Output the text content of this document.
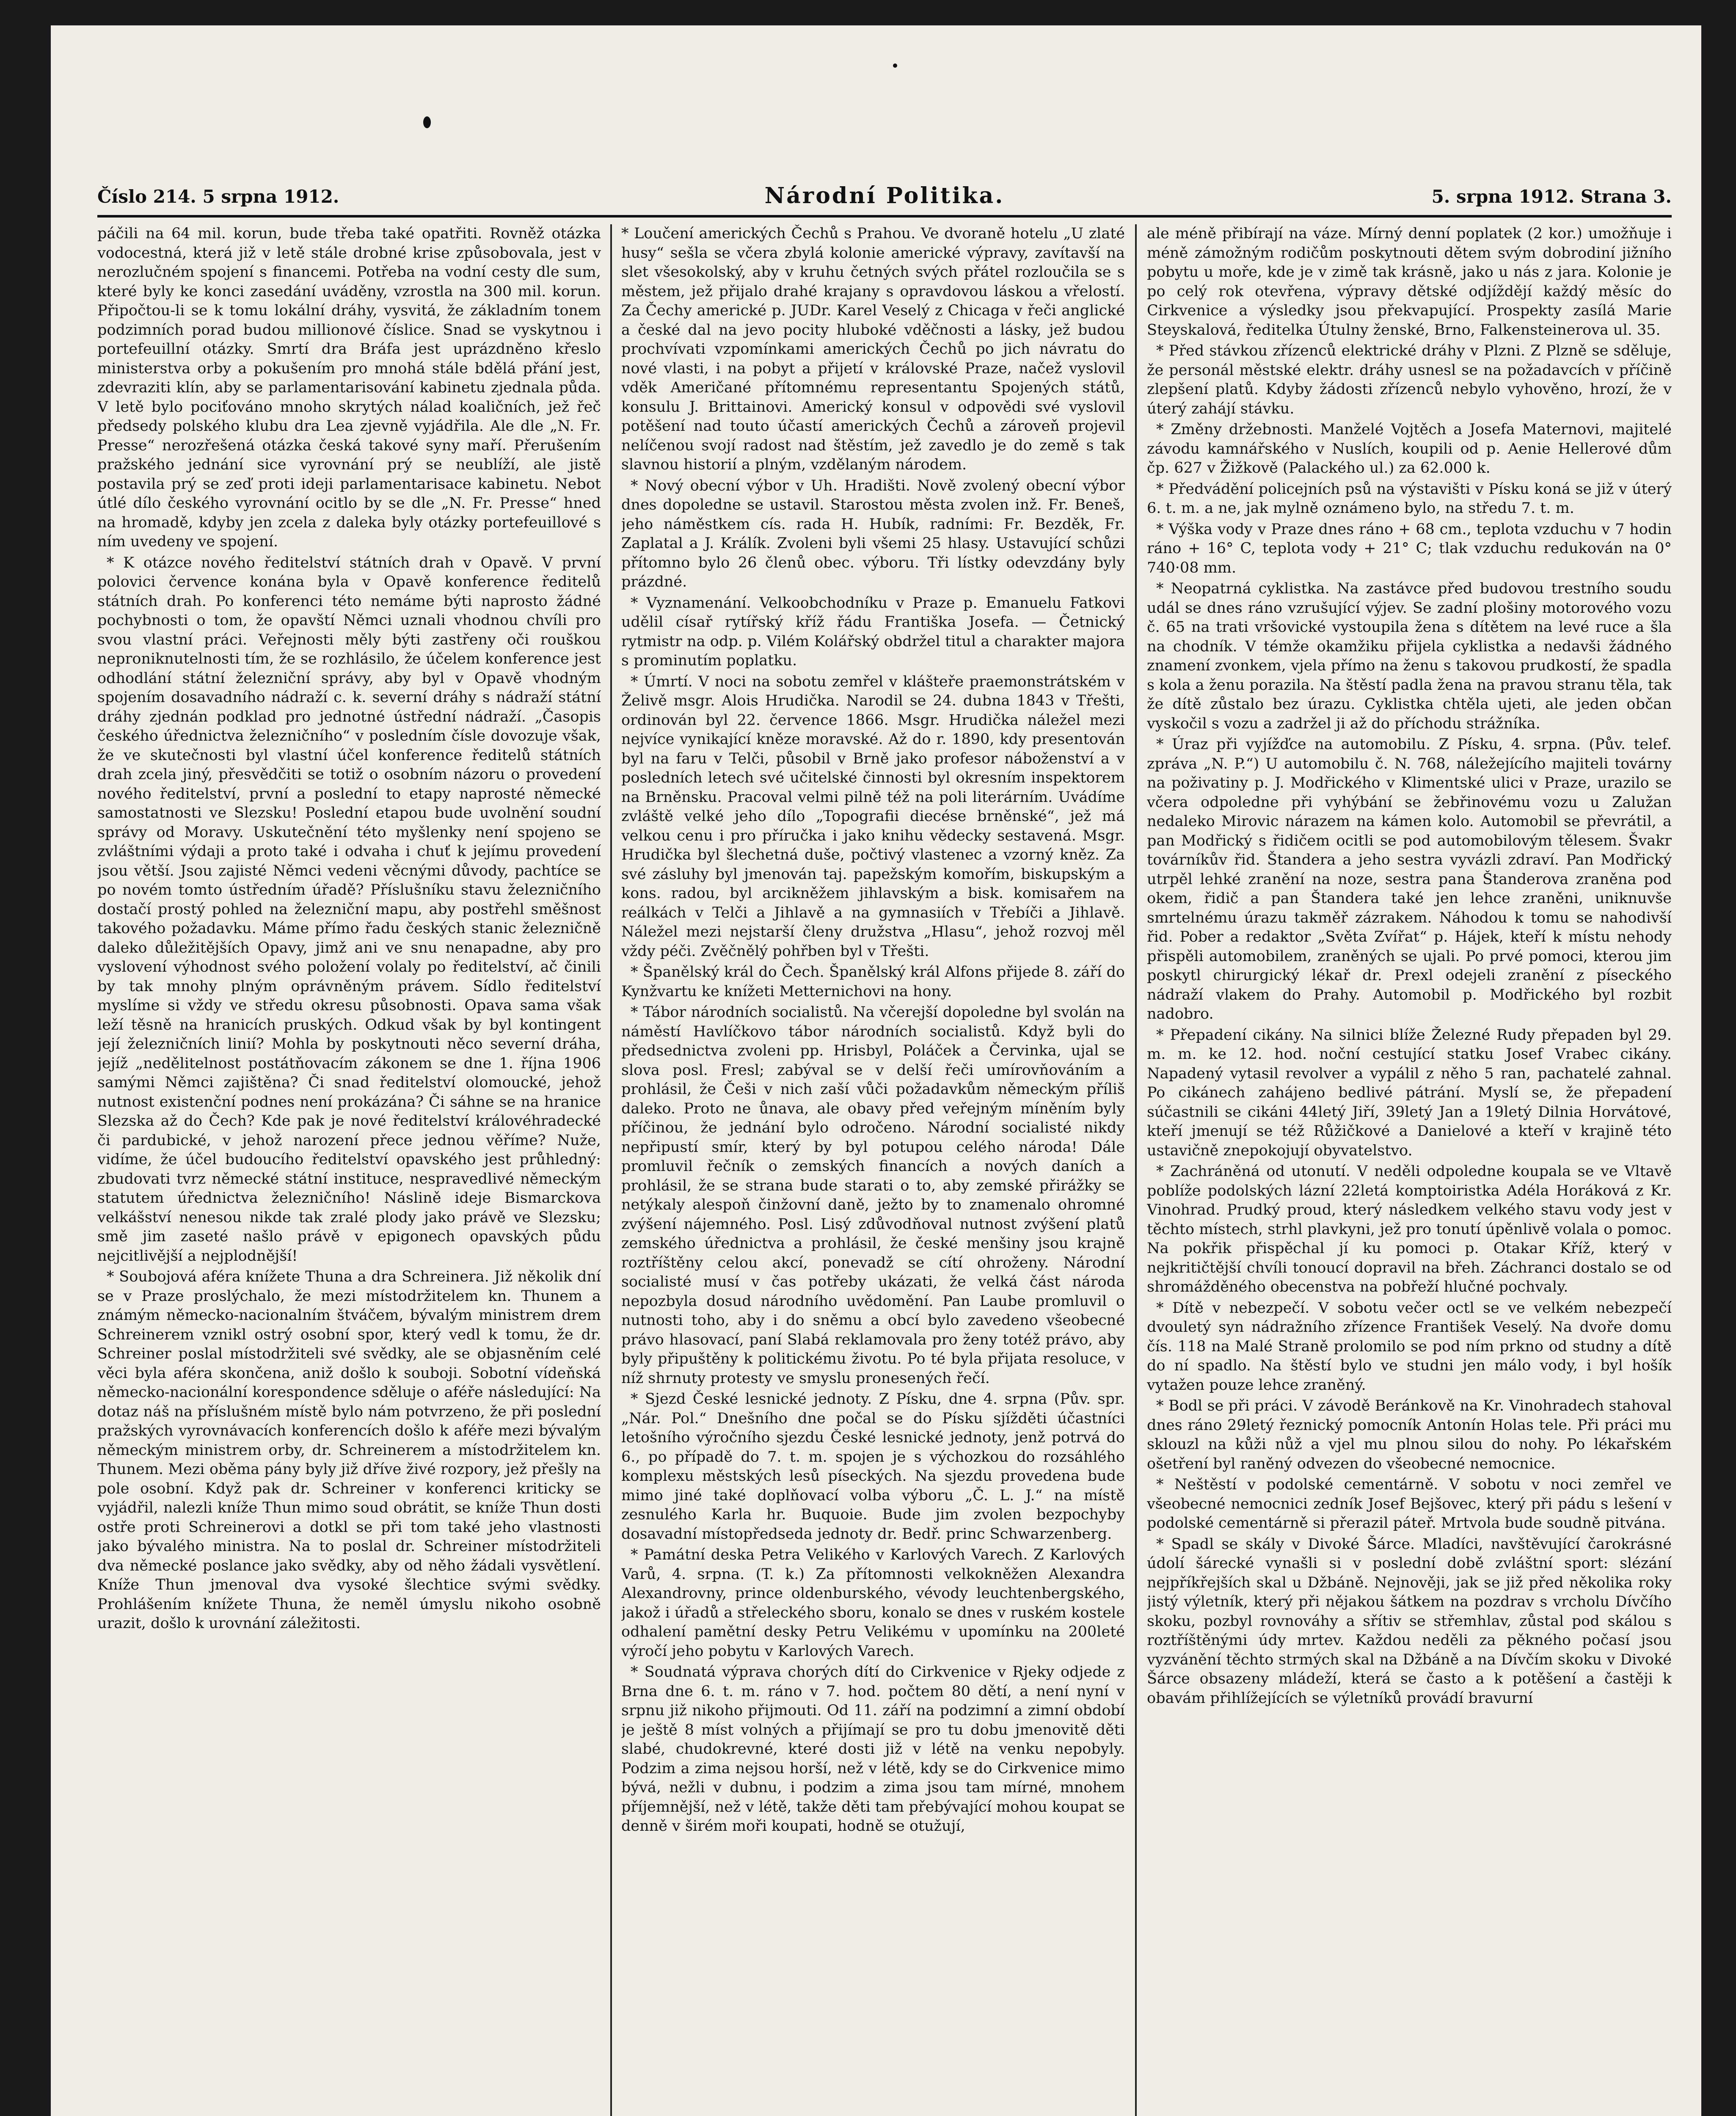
Číslo 214. 5 srpna 1912.	Národní Politika.	5. srpna 1912. Strana 3.

páčili na 64 mil. korun, bude třeba také opatřiti. Rovněž otázka vodocestná, která již v letě stále drobné krise způsobovala, jest v nerozlučném spojení s financemi. Potřeba na vodní cesty dle sum, které byly ke konci zasedání uváděny, vzrostla na 300 mil. korun. Připočtou-li se k tomu lokální dráhy, vysvitá, že základním tonem podzimních porad budou millionové číslice. Snad se vyskytnou i portefeuillní otázky. Smrtí dra Bráfa jest uprázdněno křeslo ministerstva orby a pokušením pro mnohá stále bdělá přání jest, zdevraziti klín, aby se parlamentarisování kabinetu zjednala půda. V letě bylo pociťováno mnoho skrytých nálad koaličních, jež řeč předsedy polského klubu dra Lea zjevně vyjádřila. Ale dle „N. Fr. Presse“ nerozřešená otázka česká takové syny maří. Přerušením pražského jednání sice vyrovnání prý se neublíží, ale jistě postavila prý se zeď proti ideji parlamentarisace kabinetu. Nebot útlé dílo českého vyrovnání ocitlo by se dle „N. Fr. Presse“ hned na hromadě, kdyby jen zcela z daleka byly otázky portefeuillové s ním uvedeny ve spojení.

* K otázce nového ředitelství státních drah v Opavě. V první polovici července konána byla v Opavě konference ředitelů státních drah. Po konferenci této nemáme býti naprosto žádné pochybnosti o tom, že opavští Němci uznali vhodnou chvíli pro svou vlastní práci. Veřejnosti měly býti zastřeny oči rouškou neproniknutelnosti tím, že se rozhlásilo, že účelem konference jest odhodlání státní železniční správy, aby byl v Opavě vhodným spojením dosavadního nádraží c. k. severní dráhy s nádraží státní dráhy zjednán podklad pro jednotné ústřední nádraží. „Časopis českého úřednictva železničního“ v posledním čísle dovozuje však, že ve skutečnosti byl vlastní účel konference ředitelů státních drah zcela jiný, přesvědčiti se totiž o osobním názoru o provedení nového ředitelství, první a poslední to etapy naprosté německé samostatnosti ve Slezsku! Poslední etapou bude uvolnění soudní správy od Moravy. Uskutečnění této myšlenky není spojeno se zvláštními výdaji a proto také i odvaha i chuť k jejímu provedení jsou větší. Jsou zajisté Němci vedeni věcnými důvody, pachtíce se po novém tomto ústředním úřadě? Příslušníku stavu železničního dostačí prostý pohled na železniční mapu, aby postřehl směšnost takového požadavku. Máme přímo řadu českých stanic železničně daleko důležitějších Opavy, jimž ani ve snu nenapadne, aby pro vyslovení výhodnost svého položení volaly po ředitelství, ač činili by tak mnohy plným oprávněným právem. Sídlo ředitelství myslíme si vždy ve středu okresu působnosti. Opava sama však leží těsně na hranicích pruských. Odkud však by byl kontingent její železničních linií? Mohla by poskytnouti něco severní dráha, jejíž „nedělitelnost postátňovacím zákonem se dne 1. října 1906 samými Němci zajištěna? Či snad ředitelství olomoucké, jehož nutnost existenční podnes není prokázána? Či sáhne se na hranice Slezska až do Čech? Kde pak je nové ředitelství královéhradecké či pardubické, v jehož narození přece jednou věříme? Nuže, vidíme, že účel budoucího ředitelství opavského jest průhledný: zbudovati tvrz německé státní instituce, nespravedlivé německým statutem úřednictva železničního! Náslině ideje Bismarckova velkášství nenesou nikde tak zralé plody jako právě ve Slezsku; smě jim zaseté našlo právě v epigonech opavských půdu nejcitlivější a nejplodnější!

* Soubojová aféra knížete Thuna a dra Schreinera. Již několik dní se v Praze proslýchalo, že mezi místodržitelem kn. Thunem a známým německo-nacionalním štváčem, bývalým ministrem drem Schreinerem vznikl ostrý osobní spor, který vedl k tomu, že dr. Schreiner poslal místodržiteli své svědky, ale se objasněním celé věci byla aféra skončena, aniž došlo k souboji. Sobotní vídeňská německo-nacionální korespondence sděluje o aféře následující: Na dotaz náš na příslušném místě bylo nám potvrzeno, že při poslední pražských vyrovnávacích konferencích došlo k aféře mezi bývalým německým ministrem orby, dr. Schreinerem a místodržitelem kn. Thunem. Mezi oběma pány byly již dříve živé rozpory, jež přešly na pole osobní. Když pak dr. Schreiner v konferenci kriticky se vyjádřil, nalezli kníže Thun mimo soud obrátit, se kníže Thun dosti ostře proti Schreinerovi a dotkl se při tom také jeho vlastnosti jako bývalého ministra. Na to poslal dr. Schreiner místodržiteli dva německé poslance jako svědky, aby od něho žádali vysvětlení. Kníže Thun jmenoval dva vysoké šlechtice svými svědky. Prohlášením knížete Thuna, že neměl úmyslu nikoho osobně urazit, došlo k urovnání záležitosti.

* Loučení amerických Čechů s Prahou. Ve dvoraně hotelu „U zlaté husy“ sešla se včera zbylá kolonie americké výpravy, zavítavší na slet všesokolský, aby v kruhu četných svých přátel rozloučila se s městem, jež přijalo drahé krajany s opravdovou láskou a vřelostí. Za Čechy americké p. JUDr. Karel Veselý z Chicaga v řeči anglické a české dal na jevo pocity hluboké vděčnosti a lásky, jež budou prochvívati vzpomínkami amerických Čechů po jich návratu do nové vlasti, i na pobyt a přijetí v královské Praze, načež vyslovil vděk Američané přítomnému representantu Spojených států, konsulu J. Brittainovi. Americký konsul v odpovědi své vyslovil potěšení nad touto účastí amerických Čechů a zároveň projevil nelíčenou svojí radost nad štěstím, jež zavedlo je do země s tak slavnou historií a plným, vzdělaným národem.

* Nový obecní výbor v Uh. Hradišti. Nově zvolený obecní výbor dnes dopoledne se ustavil. Starostou města zvolen inž. Fr. Beneš, jeho náměstkem cís. rada H. Hubík, radními: Fr. Bezděk, Fr. Zaplatal a J. Králík. Zvoleni byli všemi 25 hlasy. Ustavující schůzi přítomno bylo 26 členů obec. výboru. Tři lístky odevzdány byly prázdné.

* Vyznamenání. Velkoobchodníku v Praze p. Emanuelu Fatkovi udělil císař rytířský kříž řádu Františka Josefa. — Četnický rytmistr na odp. p. Vilém Kolářský obdržel titul a charakter majora s prominutím poplatku.

* Úmrtí. V noci na sobotu zemřel v klášteře praemonstrátském v Želivě msgr. Alois Hrudička. Narodil se 24. dubna 1843 v Třešti, ordinován byl 22. července 1866. Msgr. Hrudička náležel mezi nejvíce vynikající kněze moravské. Až do r. 1890, kdy presentován byl na faru v Telči, působil v Brně jako profesor náboženství a v posledních letech své učitelské činnosti byl okresním inspektorem na Brněnsku. Pracoval velmi pilně též na poli literárním. Uvádíme zvláště velké jeho dílo „Topografii diecése brněnské“, jež má velkou cenu i pro příručka i jako knihu vědecky sestavená. Msgr. Hrudička byl šlechetná duše, počtivý vlastenec a vzorný kněz. Za své zásluhy byl jmenován taj. papežským komořím, biskupským a kons. radou, byl arcikněžem jihlavským a bisk. komisařem na reálkách v Telči a Jihlavě a na gymnasiích v Třebíči a Jihlavě. Náležel mezi nejstarší členy družstva „Hlasu“, jehož rozvoj měl vždy péči. Zvěčnělý pohřben byl v Třešti.

* Španělský král do Čech. Španělský král Alfons přijede 8. září do Kynžvartu ke knížeti Metternichovi na hony.

* Tábor národních socialistů. Na včerejší dopoledne byl svolán na náměstí Havlíčkovo tábor národních socialistů. Když byli do předsednictva zvoleni pp. Hrisbyl, Poláček a Červinka, ujal se slova posl. Fresl; zabýval se v delší řeči umírovňováním a prohlásil, že Češi v nich zaší vůči požadavkům německým příliš daleko. Proto ne ůnava, ale obavy před veřejným míněním byly příčinou, že jednání bylo odročeno. Národní socialisté nikdy nepřipustí smír, který by byl potupou celého národa! Dále promluvil řečník o zemských financích a nových daních a prohlásil, že se strana bude starati o to, aby zemské přirážky se netýkaly alespoň činžovní daně, ježto by to znamenalo ohromné zvýšení nájemného. Posl. Lisý zdůvodňoval nutnost zvýšení platů zemského úřednictva a prohlásil, že české menšiny jsou krajně roztříštěny celou akcí, ponevadž se cítí ohroženy. Národní socialisté musí v čas potřeby ukázati, že velká část národa nepozbyla dosud národního uvědomění. Pan Laube promluvil o nutnosti toho, aby i do sněmu a obcí bylo zavedeno všeobecné právo hlasovací, paní Slabá reklamovala pro ženy totéž právo, aby byly připuštěny k politickému životu. Po té byla přijata resoluce, v níž shrnuty protesty ve smyslu pronesených řečí.

* Sjezd České lesnické jednoty. Z Písku, dne 4. srpna (Pův. spr. „Nár. Pol.“ Dnešního dne počal se do Písku sjížděti účastníci letošního výročního sjezdu České lesnické jednoty, jenž potrvá do 6., po případě do 7. t. m. spojen je s výchozkou do rozsáhlého komplexu městských lesů píseckých. Na sjezdu provedena bude mimo jiné také doplňovací volba výboru „Č. L. J.“ na místě zesnulého Karla hr. Buquoie. Bude jim zvolen bezpochyby dosavadní místopředseda jednoty dr. Bedř. princ Schwarzenberg.

* Památní deska Petra Velikého v Karlových Varech. Z Karlových Varů, 4. srpna. (T. k.) Za přítomnosti velkokněžen Alexandra Alexandrovny, prince oldenburského, vévody leuchtenbergského, jakož i úřadů a střeleckého sboru, konalo se dnes v ruském kostele odhalení pamětní desky Petru Velikému v upomínku na 200leté výročí jeho pobytu v Karlových Varech.

* Soudnatá výprava chorých dítí do Cirkvenice v Rjeky odjede z Brna dne 6. t. m. ráno v 7. hod. počtem 80 dětí, a není nyní v srpnu již nikoho přijmouti. Od 11. září na podzimní a zimní období je ještě 8 míst volných a přijímají se pro tu dobu jmenovitě děti slabé, chudokrevné, které dosti již v létě na venku nepobyly. Podzim a zima nejsou horší, než v létě, kdy se do Cirkvenice mimo bývá, nežli v dubnu, i podzim a zima jsou tam mírné, mnohem příjemnější, než v létě, takže děti tam přebývající mohou koupat se denně v širém moři koupati, hodně se otužují,

ale méně přibírají na váze. Mírný denní poplatek (2 kor.) umožňuje i méně zámožným rodičům poskytnouti dětem svým dobrodiní jižního pobytu u moře, kde je v zimě tak krásně, jako u nás z jara. Kolonie je po celý rok otevřena, výpravy dětské odjíždějí každý měsíc do Cirkvenice a výsledky jsou překvapující. Prospekty zasílá Marie Steyskalová, ředitelka Útulny ženské, Brno, Falkensteinerova ul. 35.

* Před stávkou zřízenců elektrické dráhy v Plzni. Z Plzně se sděluje, že personál městské elektr. dráhy usnesl se na požadavcích v příčině zlepšení platů. Kdyby žádosti zřízenců nebylo vyhověno, hrozí, že v úterý zahájí stávku.

* Změny držebnosti. Manželé Vojtěch a Josefa Maternovi, majitelé závodu kamnářského v Nuslích, koupili od p. Aenie Hellerové dům čp. 627 v Žižkově (Palackého ul.) za 62.000 k.

* Předvádění policejních psů na výstavišti v Písku koná se již v úterý 6. t. m. a ne, jak mylně oznámeno bylo, na středu 7. t. m.

* Výška vody v Praze dnes ráno + 68 cm., teplota vzduchu v 7 hodin ráno + 16° C, teplota vody + 21° C; tlak vzduchu redukován na 0° 740·08 mm.

* Neopatrná cyklistka. Na zastávce před budovou trestního soudu udál se dnes ráno vzrušující výjev. Se zadní plošiny motorového vozu č. 65 na trati vršovické vystoupila žena s dítětem na levé ruce a šla na chodník. V témže okamžiku přijela cyklistka a nedavši žádného znamení zvonkem, vjela přímo na ženu s takovou prudkostí, že spadla s kola a ženu porazila. Na štěstí padla žena na pravou stranu těla, tak že dítě zůstalo bez úrazu. Cyklistka chtěla ujeti, ale jeden občan vyskočil s vozu a zadržel ji až do příchodu strážníka.

* Úraz při vyjížďce na automobilu. Z Písku, 4. srpna. (Pův. telef. zpráva „N. P.“) U automobilu č. N. 768, náležejícího majiteli továrny na poživatiny p. J. Modřického v Klimentské ulici v Praze, urazilo se včera odpoledne při vyhýbání se žebřinovému vozu u Zalužan nedaleko Mirovic nárazem na kámen kolo. Automobil se převrátil, a pan Modřický s řidičem ocitli se pod automobilovým tělesem. Švakr továrníkův řid. Štandera a jeho sestra vyvázli zdraví. Pan Modřický utrpěl lehké zranění na noze, sestra pana Štanderova zraněna pod okem, řidič a pan Štandera také jen lehce zraněni, uniknuvše smrtelnému úrazu takměř zázrakem. Náhodou k tomu se nahodivší řid. Pober a redaktor „Světa Zvířat“ p. Hájek, kteří k místu nehody přispěli automobilem, zraněných se ujali. Po prvé pomoci, kterou jim poskytl chirurgický lékař dr. Prexl odejeli zranění z píseckého nádraží vlakem do Prahy. Automobil p. Modřického byl rozbit nadobro.

* Přepadení cikány. Na silnici blíže Železné Rudy přepaden byl 29. m. m. ke 12. hod. noční cestující statku Josef Vrabec cikány. Napadený vytasil revolver a vypálil z něho 5 ran, pachatelé zahnal. Po cikánech zahájeno bedlivé pátrání. Myslí se, že přepadení súčastnili se cikáni 44letý Jiří, 39letý Jan a 19letý Dilnia Horvátové, kteří jmenují se též Růžičkové a Danielové a kteří v krajině této ustavičně znepokojují obyvatelstvo.

* Zachráněná od utonutí. V neděli odpoledne koupala se ve Vltavě poblíže podolských lázní 22letá komptoiristka Adéla Horáková z Kr. Vinohrad. Prudký proud, který následkem velkého stavu vody jest v těchto místech, strhl plavkyni, jež pro tonutí úpěnlivě volala o pomoc. Na pokřik přispěchal jí ku pomoci p. Otakar Kříž, který v nejkritičtější chvíli tonoucí dopravil na břeh. Záchranci dostalo se od shromážděného obecenstva na pobřeží hlučné pochvaly.

* Dítě v nebezpečí. V sobotu večer octl se ve velkém nebezpečí dvouletý syn nádražního zřízence František Veselý. Na dvoře domu čís. 118 na Malé Straně prolomilo se pod ním prkno od studny a dítě do ní spadlo. Na štěstí bylo ve studni jen málo vody, i byl hošík vytažen pouze lehce zraněný.

* Bodl se při práci. V závodě Beránkově na Kr. Vinohradech stahoval dnes ráno 29letý řeznický pomocník Antonín Holas tele. Při práci mu sklouzl na kůži nůž a vjel mu plnou silou do nohy. Po lékařském ošetření byl raněný odvezen do všeobecné nemocnice.

* Neštěstí v podolské cementárně. V sobotu v noci zemřel ve všeobecné nemocnici zedník Josef Bejšovec, který při pádu s lešení v podolské cementárně si přerazil páteř. Mrtvola bude soudně pitvána.

* Spadl se skály v Divoké Šárce. Mladíci, navštěvující čarokrásné údolí šárecké vynašli si v poslední době zvláštní sport: slézání nejpříkřejších skal u Džbáně. Nejnověji, jak se již před několika roky jistý výletník, který při nějakou šátkem na pozdrav s vrcholu Dívčího skoku, pozbyl rovnováhy a sřítiv se střemhlav, zůstal pod skálou s roztříštěnými údy mrtev. Každou neděli za pěkného počasí jsou vyzvánění těchto strmých skal na Džbáně a na Dívčím skoku v Divoké Šárce obsazeny mládeží, která se často a k potěšení a častěji k obavám přihlížejících se výletníků provádí bravurní
